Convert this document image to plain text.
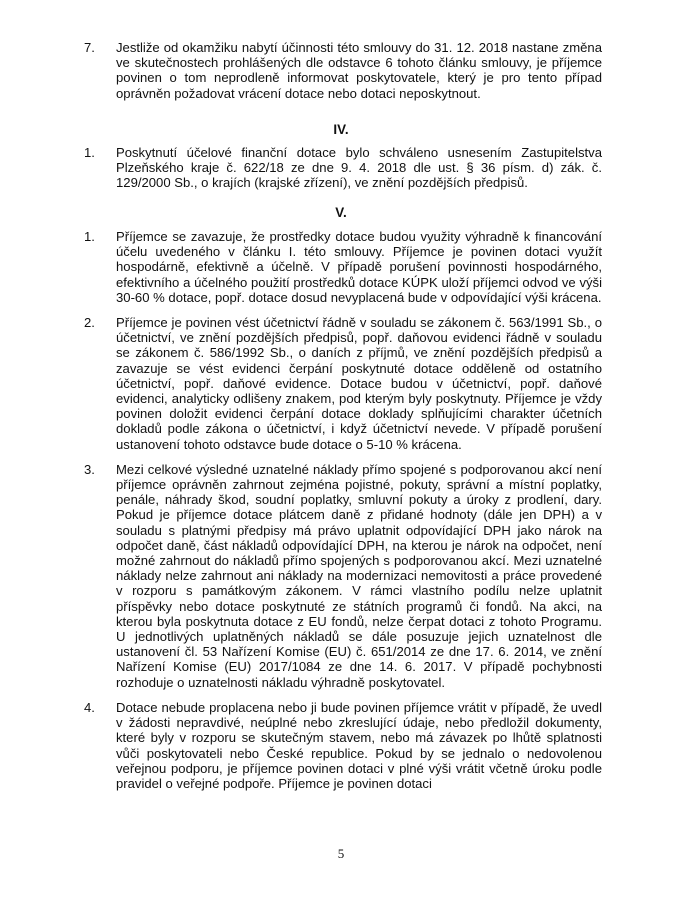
7.	Jestliže od okamžiku nabytí účinnosti této smlouvy do 31. 12. 2018 nastane změna ve skutečnostech prohlášených dle odstavce 6 tohoto článku smlouvy, je příjemce povinen o tom neprodleně informovat poskytovatele, který je pro tento případ oprávněn požadovat vrácení dotace nebo dotaci neposkytnout.
IV.
1.	Poskytnutí účelové finanční dotace bylo schváleno usnesením Zastupitelstva Plzeňského kraje č. 622/18 ze dne 9. 4. 2018 dle ust. § 36 písm. d) zák. č. 129/2000 Sb., o krajích (krajské zřízení), ve znění pozdějších předpisů.
V.
1.	Příjemce se zavazuje, že prostředky dotace budou využity výhradně k financování účelu uvedeného v článku I. této smlouvy. Příjemce je povinen dotaci využít hospodárně, efektivně a účelně. V případě porušení povinnosti hospodárného, efektivního a účelného použití prostředků dotace KÚPK uloží příjemci odvod ve výši 30-60 % dotace, popř. dotace dosud nevyplacená bude v odpovídající výši krácena.
2.	Příjemce je povinen vést účetnictví řádně v souladu se zákonem č. 563/1991 Sb., o účetnictví, ve znění pozdějších předpisů, popř. daňovou evidenci řádně v souladu se zákonem č. 586/1992 Sb., o daních z příjmů, ve znění pozdějších předpisů a zavazuje se vést evidenci čerpání poskytnuté dotace odděleně od ostatního účetnictví, popř. daňové evidence. Dotace budou v účetnictví, popř. daňové evidenci, analyticky odlišeny znakem, pod kterým byly poskytnuty. Příjemce je vždy povinen doložit evidenci čerpání dotace doklady splňujícími charakter účetních dokladů podle zákona o účetnictví, i když účetnictví nevede. V případě porušení ustanovení tohoto odstavce bude dotace o 5-10 % krácena.
3.	Mezi celkové výsledné uznatelné náklady přímo spojené s podporovanou akcí není příjemce oprávněn zahrnout zejména pojistné, pokuty, správní a místní poplatky, penále, náhrady škod, soudní poplatky, smluvní pokuty a úroky z prodlení, dary. Pokud je příjemce dotace plátcem daně z přidané hodnoty (dále jen DPH) a v souladu s platnými předpisy má právo uplatnit odpovídající DPH jako nárok na odpočet daně, část nákladů odpovídající DPH, na kterou je nárok na odpočet, není možné zahrnout do nákladů přímo spojených s podporovanou akcí. Mezi uznatelné náklady nelze zahrnout ani náklady na modernizaci nemovitosti a práce provedené v rozporu s památkovým zákonem. V rámci vlastního podílu nelze uplatnit příspěvky nebo dotace poskytnuté ze státních programů či fondů. Na akci, na kterou byla poskytnuta dotace z EU fondů, nelze čerpat dotaci z tohoto Programu. U jednotlivých uplatněných nákladů se dále posuzuje jejich uznatelnost dle ustanovení čl. 53 Nařízení Komise (EU) č. 651/2014 ze dne 17. 6. 2014, ve znění Nařízení Komise (EU) 2017/1084 ze dne 14. 6. 2017. V případě pochybnosti rozhoduje o uznatelnosti nákladu výhradně poskytovatel.
4.	Dotace nebude proplacena nebo ji bude povinen příjemce vrátit v případě, že uvedl v žádosti nepravdivé, neúplné nebo zkreslující údaje, nebo předložil dokumenty, které byly v rozporu se skutečným stavem, nebo má závazek po lhůtě splatnosti vůči poskytovateli nebo České republice. Pokud by se jednalo o nedovolenou veřejnou podporu, je příjemce povinen dotaci v plné výši vrátit včetně úroku podle pravidel o veřejné podpoře. Příjemce je povinen dotaci
5
